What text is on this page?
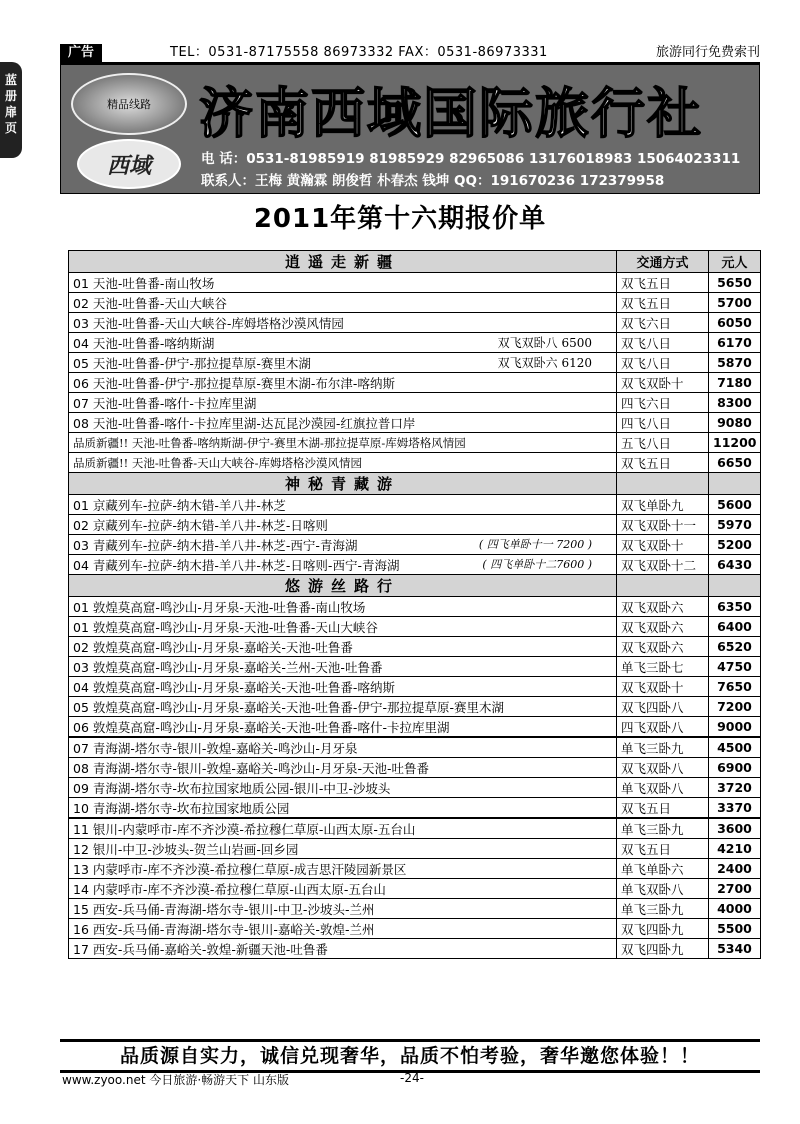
蓝册扉页
广告	TEL：0531-87175558 86973332 FAX：0531-86973331	旅游同行免费索刊
精品线路
西域
济南西域国际旅行社
电 话：0531-81985919 81985929 82965086 13176018983 15064023311
联系人：王梅 黄瀚霖 朗俊哲 朴春杰 钱坤 QQ：191670236 172379958
2011年第十六期报价单
逍遥走新疆	交通方式	元人
01 天池-吐鲁番-南山牧场	双飞五日	5650
02 天池-吐鲁番-天山大峡谷	双飞五日	5700
03 天池-吐鲁番-天山大峡谷-库姆塔格沙漠风情园	双飞六日	6050
04 天池-吐鲁番-喀纳斯湖 双飞双卧八 6500	双飞八日	6170
05 天池-吐鲁番-伊宁-那拉提草原-赛里木湖 双飞双卧六 6120	双飞八日	5870
06 天池-吐鲁番-伊宁-那拉提草原-赛里木湖-布尔津-喀纳斯	双飞双卧十	7180
07 天池-吐鲁番-喀什-卡拉库里湖	四飞六日	8300
08 天池-吐鲁番-喀什-卡拉库里湖-达瓦昆沙漠园-红旗拉普口岸	四飞八日	9080
品质新疆!! 天池-吐鲁番-喀纳斯湖-伊宁-赛里木湖-那拉提草原-库姆塔格风情园	五飞八日	11200
品质新疆!! 天池-吐鲁番-天山大峡谷-库姆塔格沙漠风情园	双飞五日	6650
神秘青藏游		
01 京藏列车-拉萨-纳木错-羊八井-林芝	双飞单卧九	5600
02 京藏列车-拉萨-纳木错-羊八井-林芝-日喀则	双飞双卧十一	5970
03 青藏列车-拉萨-纳木措-羊八井-林芝-西宁-青海湖 ( 四飞单卧十一 7200 )	双飞双卧十	5200
04 青藏列车-拉萨-纳木措-羊八井-林芝-日喀则-西宁-青海湖 ( 四飞单卧十二7600 )	双飞双卧十二	6430
悠游丝路行		
01 敦煌莫高窟-鸣沙山-月牙泉-天池-吐鲁番-南山牧场	双飞双卧六	6350
01 敦煌莫高窟-鸣沙山-月牙泉-天池-吐鲁番-天山大峡谷	双飞双卧六	6400
02 敦煌莫高窟-鸣沙山-月牙泉-嘉峪关-天池-吐鲁番	双飞双卧六	6520
03 敦煌莫高窟-鸣沙山-月牙泉-嘉峪关-兰州-天池-吐鲁番	单飞三卧七	4750
04 敦煌莫高窟-鸣沙山-月牙泉-嘉峪关-天池-吐鲁番-喀纳斯	双飞双卧十	7650
05 敦煌莫高窟-鸣沙山-月牙泉-嘉峪关-天池-吐鲁番-伊宁-那拉提草原-赛里木湖	双飞四卧八	7200
06 敦煌莫高窟-鸣沙山-月牙泉-嘉峪关-天池-吐鲁番-喀什-卡拉库里湖	四飞双卧八	9000
07 青海湖-塔尔寺-银川-敦煌-嘉峪关-鸣沙山-月牙泉	单飞三卧九	4500
08 青海湖-塔尔寺-银川-敦煌-嘉峪关-鸣沙山-月牙泉-天池-吐鲁番	双飞双卧八	6900
09 青海湖-塔尔寺-坎布拉国家地质公园-银川-中卫-沙坡头	单飞双卧八	3720
10 青海湖-塔尔寺-坎布拉国家地质公园	双飞五日	3370
11 银川-内蒙呼市-库不齐沙漠-希拉穆仁草原-山西太原-五台山	单飞三卧九	3600
12 银川-中卫-沙坡头-贺兰山岩画-回乡园	双飞五日	4210
13 内蒙呼市-库不齐沙漠-希拉穆仁草原-成吉思汗陵园新景区	单飞单卧六	2400
14 内蒙呼市-库不齐沙漠-希拉穆仁草原-山西太原-五台山	单飞双卧八	2700
15 西安-兵马俑-青海湖-塔尔寺-银川-中卫-沙坡头-兰州	单飞三卧九	4000
16 西安-兵马俑-青海湖-塔尔寺-银川-嘉峪关-敦煌-兰州	双飞四卧九	5500
17 西安-兵马俑-嘉峪关-敦煌-新疆天池-吐鲁番	双飞四卧九	5340
品质源自实力，诚信兑现奢华，品质不怕考验，奢华邀您体验！！
www.zyoo.net 今日旅游·畅游天下 山东版	-24-
